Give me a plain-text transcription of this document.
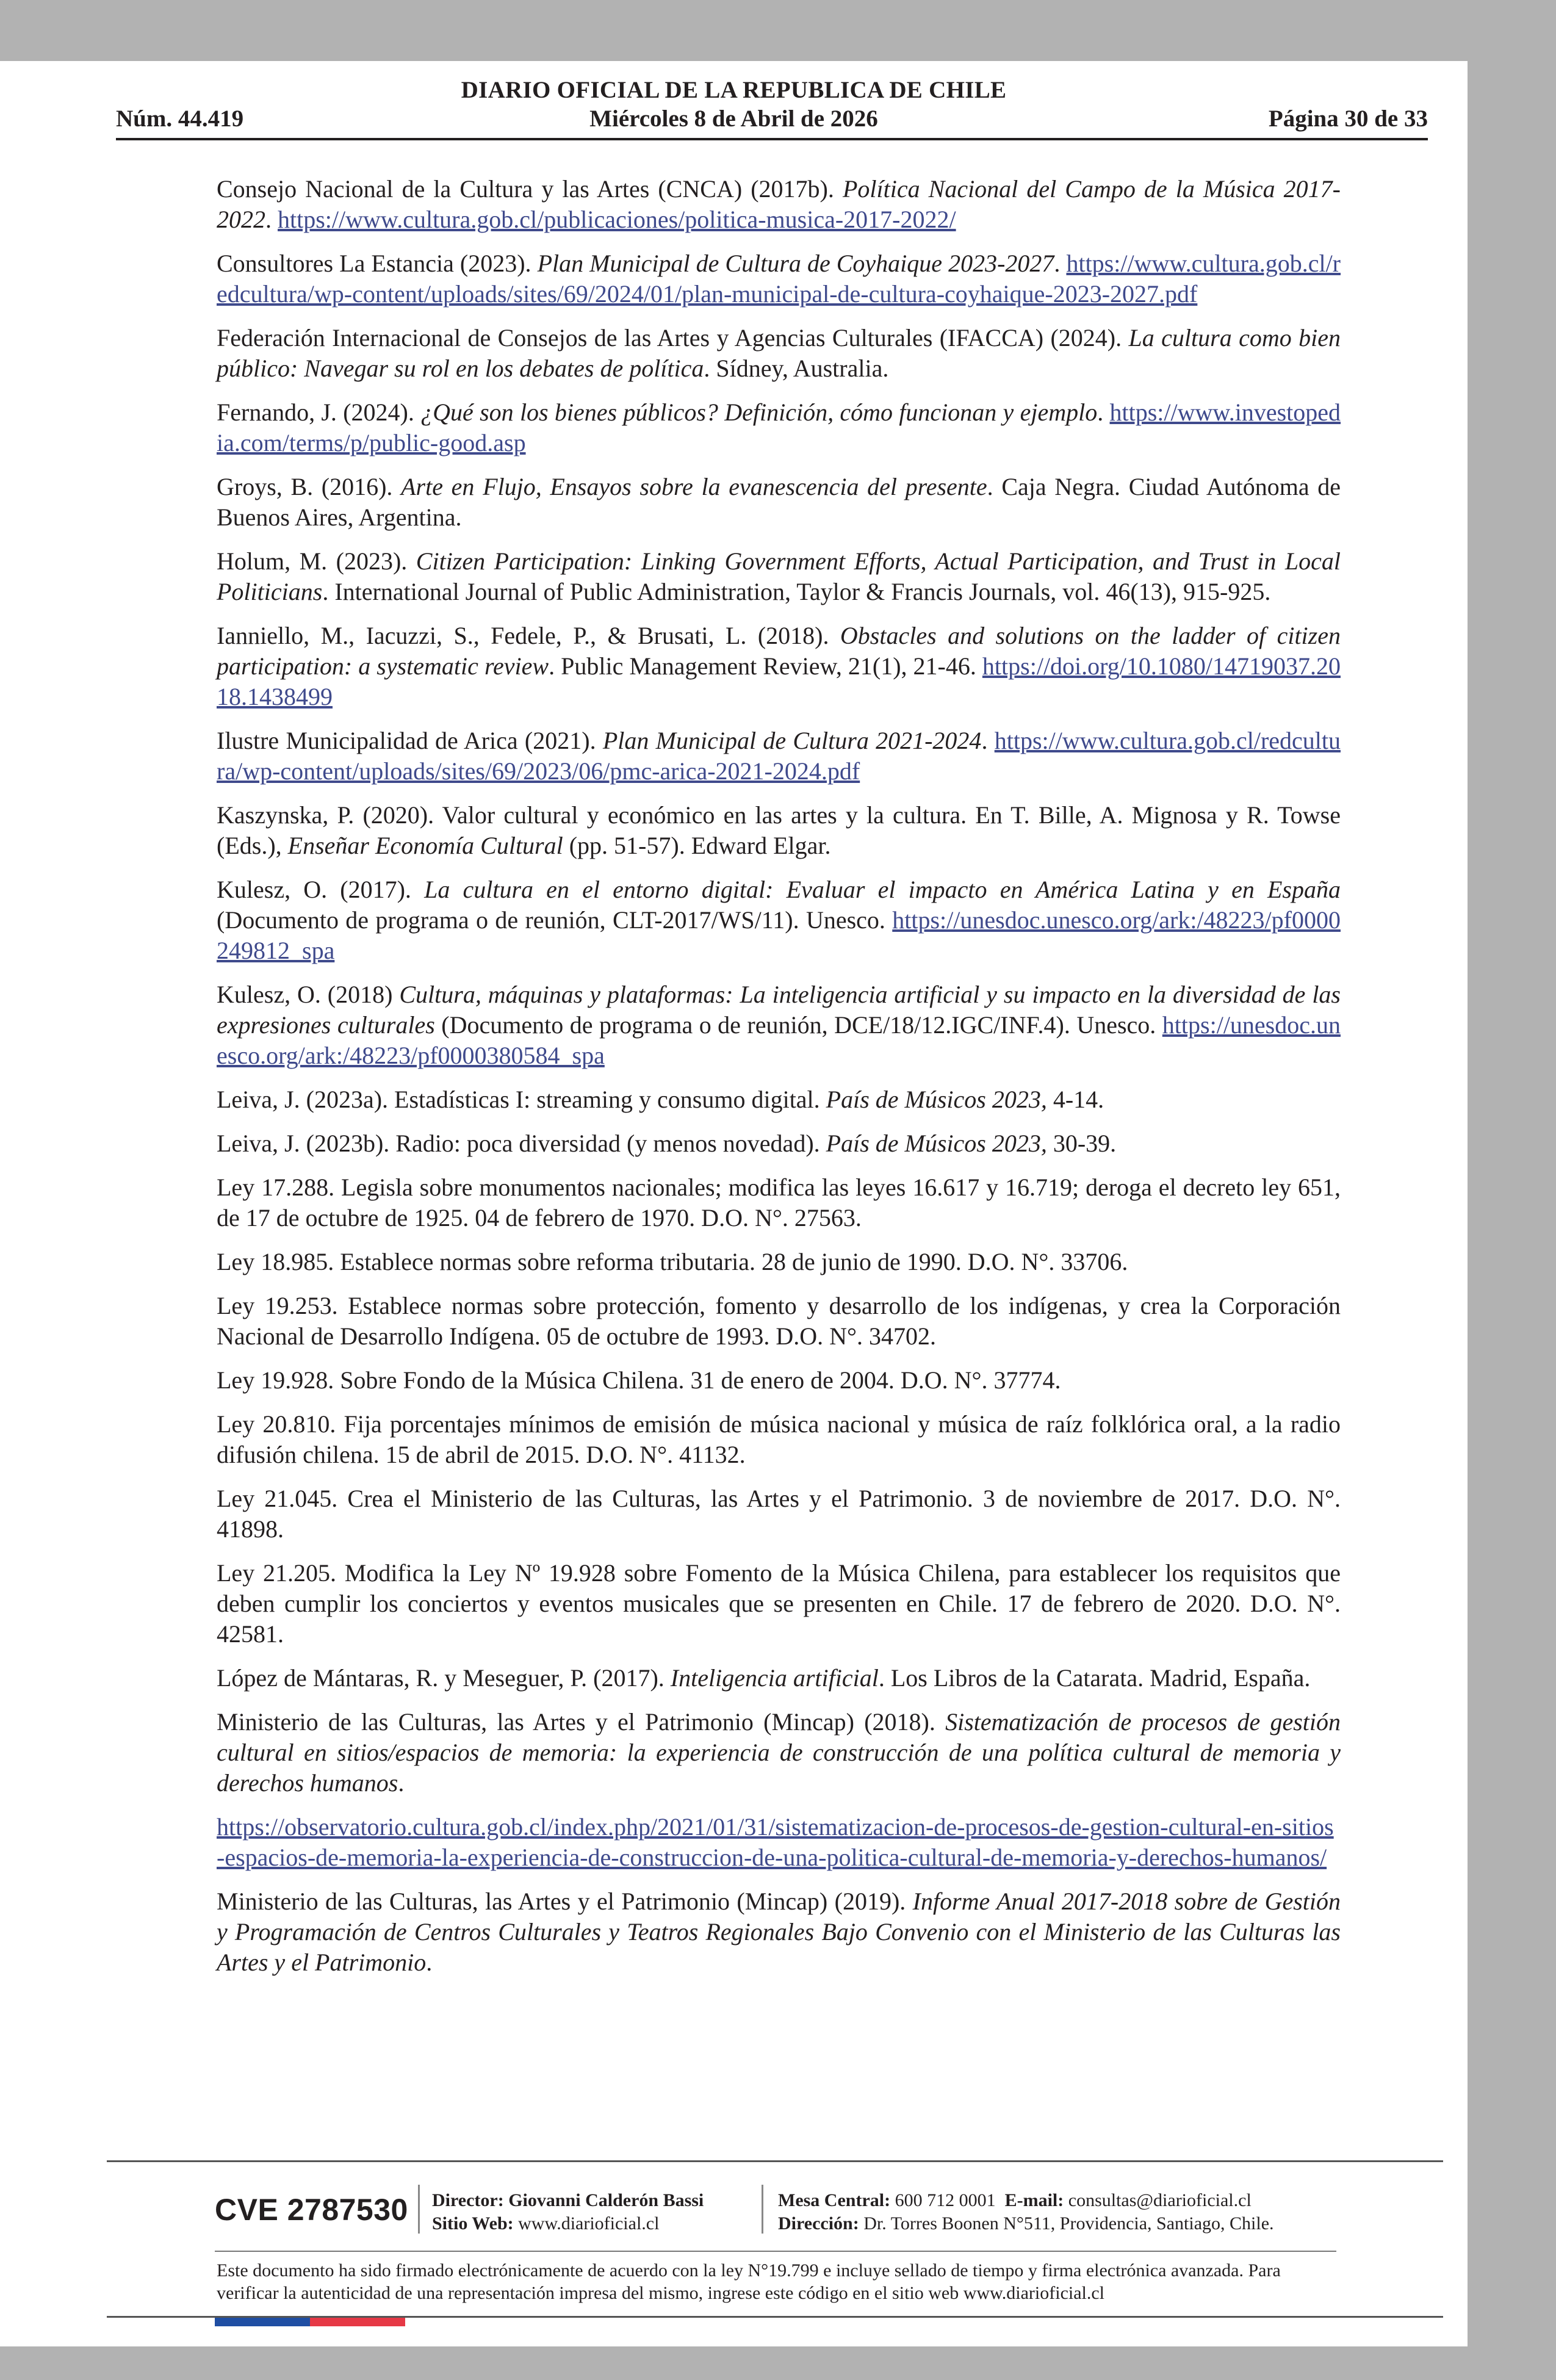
DIARIO OFICIAL DE LA REPUBLICA DE CHILE
Núm. 44.419	Miércoles 8 de Abril de 2026	Página 30 de 33
Consejo Nacional de la Cultura y las Artes (CNCA) (2017b). Política Nacional del Campo de la Música 2017-2022. https://www.cultura.gob.cl/publicaciones/politica-musica-2017-2022/
Consultores La Estancia (2023). Plan Municipal de Cultura de Coyhaique 2023-2027. https://www.cultura.gob.cl/redcultura/wp-content/uploads/sites/69/2024/01/plan-municipal-de-cultura-coyhaique-2023-2027.pdf
Federación Internacional de Consejos de las Artes y Agencias Culturales (IFACCA) (2024). La cultura como bien público: Navegar su rol en los debates de política. Sídney, Australia.
Fernando, J. (2024). ¿Qué son los bienes públicos? Definición, cómo funcionan y ejemplo. https://www.investopedia.com/terms/p/public-good.asp
Groys, B. (2016). Arte en Flujo, Ensayos sobre la evanescencia del presente. Caja Negra. Ciudad Autónoma de Buenos Aires, Argentina.
Holum, M. (2023). Citizen Participation: Linking Government Efforts, Actual Participation, and Trust in Local Politicians. International Journal of Public Administration, Taylor & Francis Journals, vol. 46(13), 915-925.
Ianniello, M., Iacuzzi, S., Fedele, P., & Brusati, L. (2018). Obstacles and solutions on the ladder of citizen participation: a systematic review. Public Management Review, 21(1), 21-46. https://doi.org/10.1080/14719037.2018.1438499
Ilustre Municipalidad de Arica (2021). Plan Municipal de Cultura 2021-2024. https://www.cultura.gob.cl/redcultura/wp-content/uploads/sites/69/2023/06/pmc-arica-2021-2024.pdf
Kaszynska, P. (2020). Valor cultural y económico en las artes y la cultura. En T. Bille, A. Mignosa y R. Towse (Eds.), Enseñar Economía Cultural (pp. 51-57). Edward Elgar.
Kulesz, O. (2017). La cultura en el entorno digital: Evaluar el impacto en América Latina y en España (Documento de programa o de reunión, CLT-2017/WS/11). Unesco. https://unesdoc.unesco.org/ark:/48223/pf0000249812_spa
Kulesz, O. (2018) Cultura, máquinas y plataformas: La inteligencia artificial y su impacto en la diversidad de las expresiones culturales (Documento de programa o de reunión, DCE/18/12.IGC/INF.4). Unesco. https://unesdoc.unesco.org/ark:/48223/pf0000380584_spa
Leiva, J. (2023a). Estadísticas I: streaming y consumo digital. País de Músicos 2023, 4-14.
Leiva, J. (2023b). Radio: poca diversidad (y menos novedad). País de Músicos 2023, 30-39.
Ley 17.288. Legisla sobre monumentos nacionales; modifica las leyes 16.617 y 16.719; deroga el decreto ley 651, de 17 de octubre de 1925. 04 de febrero de 1970. D.O. N°. 27563.
Ley 18.985. Establece normas sobre reforma tributaria. 28 de junio de 1990. D.O. N°. 33706.
Ley 19.253. Establece normas sobre protección, fomento y desarrollo de los indígenas, y crea la Corporación Nacional de Desarrollo Indígena. 05 de octubre de 1993. D.O. N°. 34702.
Ley 19.928. Sobre Fondo de la Música Chilena. 31 de enero de 2004. D.O. N°. 37774.
Ley 20.810. Fija porcentajes mínimos de emisión de música nacional y música de raíz folklórica oral, a la radio difusión chilena. 15 de abril de 2015. D.O. N°. 41132.
Ley 21.045. Crea el Ministerio de las Culturas, las Artes y el Patrimonio. 3 de noviembre de 2017. D.O. N°. 41898.
Ley 21.205. Modifica la Ley Nº 19.928 sobre Fomento de la Música Chilena, para establecer los requisitos que deben cumplir los conciertos y eventos musicales que se presenten en Chile. 17 de febrero de 2020. D.O. N°. 42581.
López de Mántaras, R. y Meseguer, P. (2017). Inteligencia artificial. Los Libros de la Catarata. Madrid, España.
Ministerio de las Culturas, las Artes y el Patrimonio (Mincap) (2018). Sistematización de procesos de gestión cultural en sitios/espacios de memoria: la experiencia de construcción de una política cultural de memoria y derechos humanos.
https://observatorio.cultura.gob.cl/index.php/2021/01/31/sistematizacion-de-procesos-de-gestion-cultural-en-sitios-espacios-de-memoria-la-experiencia-de-construccion-de-una-politica-cultural-de-memoria-y-derechos-humanos/
Ministerio de las Culturas, las Artes y el Patrimonio (Mincap) (2019). Informe Anual 2017-2018 sobre de Gestión y Programación de Centros Culturales y Teatros Regionales Bajo Convenio con el Ministerio de las Culturas las Artes y el Patrimonio.
CVE 2787530 Director: Giovanni Calderón Bassi
Sitio Web: www.diarioficial.cl
Mesa Central: 600 712 0001 E-mail: consultas@diarioficial.cl
Dirección: Dr. Torres Boonen N°511, Providencia, Santiago, Chile.
Este documento ha sido firmado electrónicamente de acuerdo con la ley N°19.799 e incluye sellado de tiempo y firma electrónica avanzada. Para verificar la autenticidad de una representación impresa del mismo, ingrese este código en el sitio web www.diarioficial.cl
